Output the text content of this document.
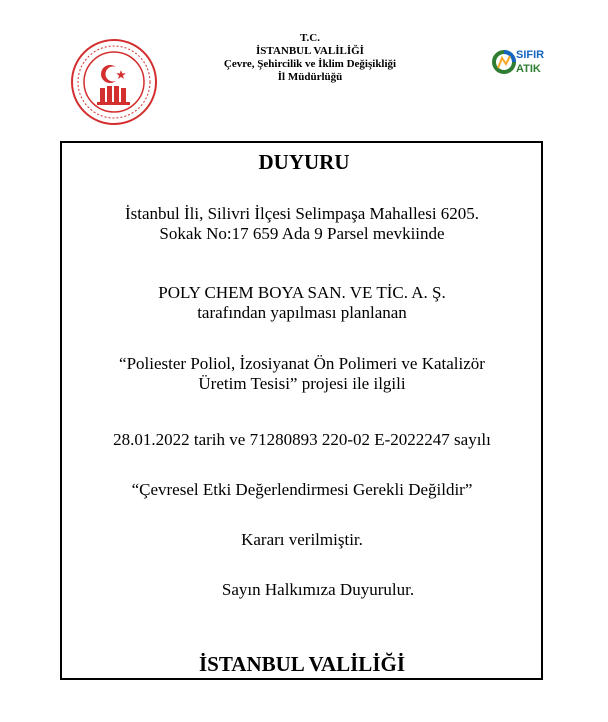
T.C.
İSTANBUL VALİLİĞİ
Çevre, Şehircilik ve İklim Değişikliği
İl Müdürlüğü
SIFIR
ATIK
DUYURU
İstanbul İli, Silivri İlçesi Selimpaşa Mahallesi 6205.
Sokak No:17 659 Ada 9 Parsel mevkiinde
POLY CHEM BOYA SAN. VE TİC. A. Ş.
tarafından yapılması planlanan
“Poliester Poliol, İzosiyanat Ön Polimeri ve Katalizör
Üretim Tesisi” projesi ile ilgili
28.01.2022 tarih ve 71280893 220-02 E-2022247 sayılı
“Çevresel Etki Değerlendirmesi Gerekli Değildir”
Kararı verilmiştir.
Sayın Halkımıza Duyurulur.
İSTANBUL VALİLİĞİ
